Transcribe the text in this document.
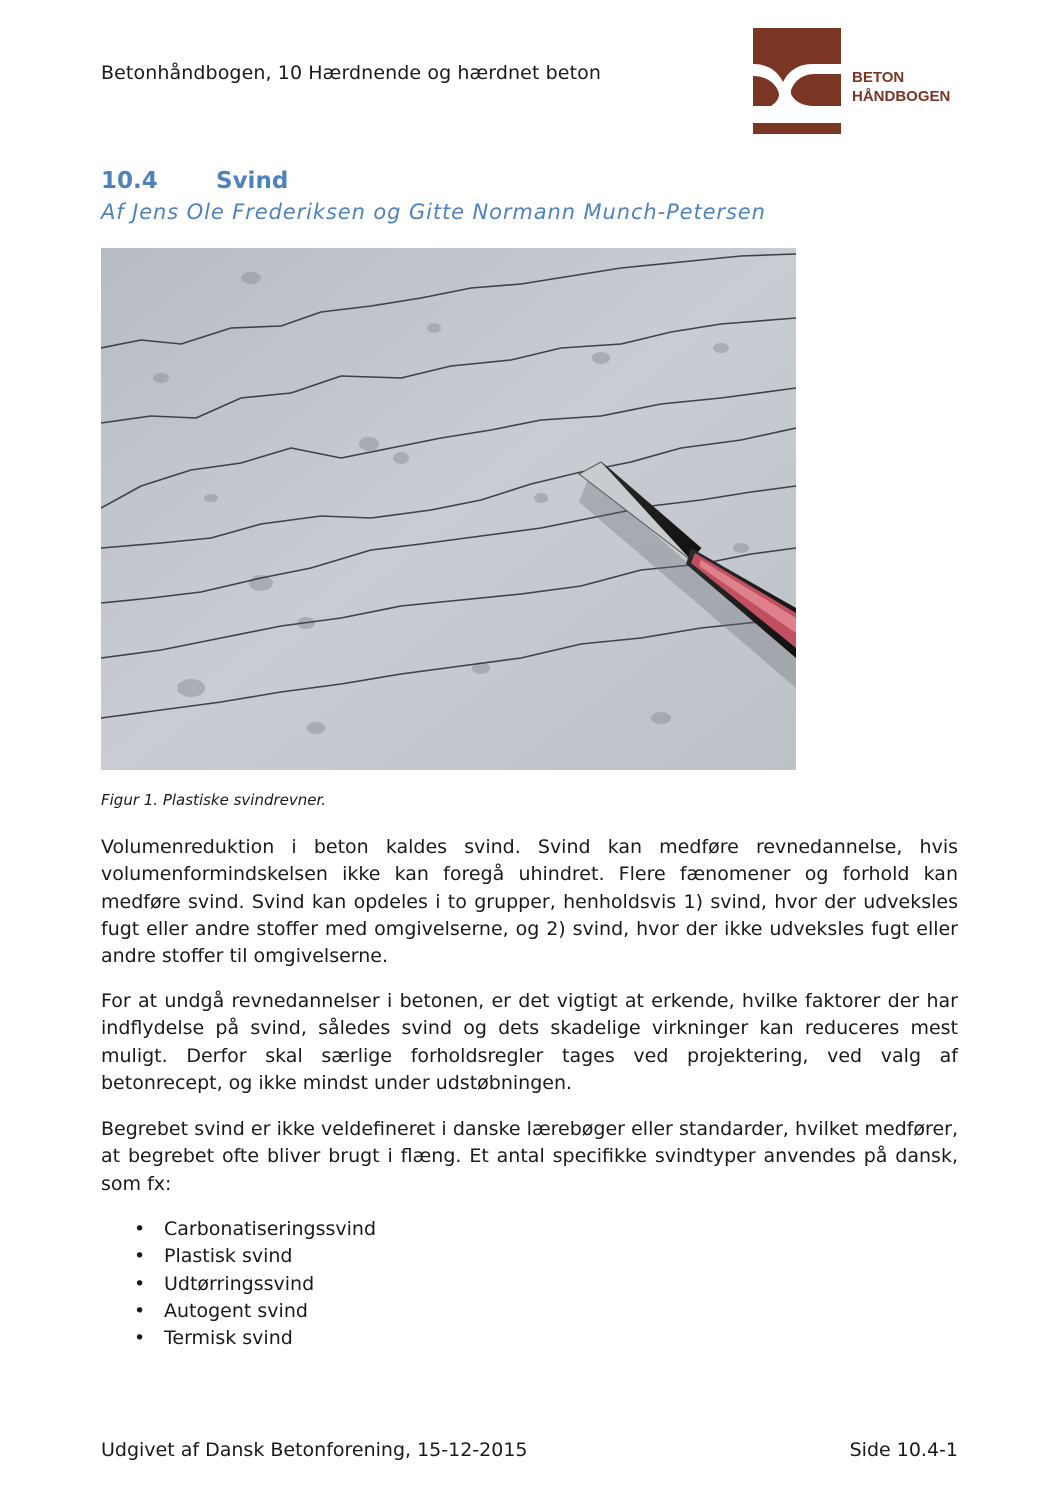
Betonhåndbogen, 10 Hærdnende og hærdnet beton	BETON
HÅNDBOGEN
10.4	Svind
Af Jens Ole Frederiksen og Gitte Normann Munch-Petersen
Figur 1. Plastiske svindrevner.

Volumenreduktion i beton kaldes svind. Svind kan medføre revnedannelse, hvis volumenformindskelsen ikke kan foregå uhindret. Flere fænomener og forhold kan medføre svind. Svind kan opdeles i to grupper, henholdsvis 1) svind, hvor der udveksles fugt eller andre stoffer med omgivelserne, og 2) svind, hvor der ikke udveksles fugt eller andre stoffer til omgivelserne.

For at undgå revnedannelser i betonen, er det vigtigt at erkende, hvilke faktorer der har indflydelse på svind, således svind og dets skadelige virkninger kan reduceres mest muligt. Derfor skal særlige forholdsregler tages ved projektering, ved valg af betonrecept, og ikke mindst under udstøbningen.

Begrebet svind er ikke veldefineret i danske lærebøger eller standarder, hvilket medfører, at begrebet ofte bliver brugt i flæng. Et antal specifikke svindtyper anvendes på dansk, som fx:

• Carbonatiseringssvind
• Plastisk svind
• Udtørringssvind
• Autogent svind
• Termisk svind
Udgivet af Dansk Betonforening, 15-12-2015	Side 10.4-1
